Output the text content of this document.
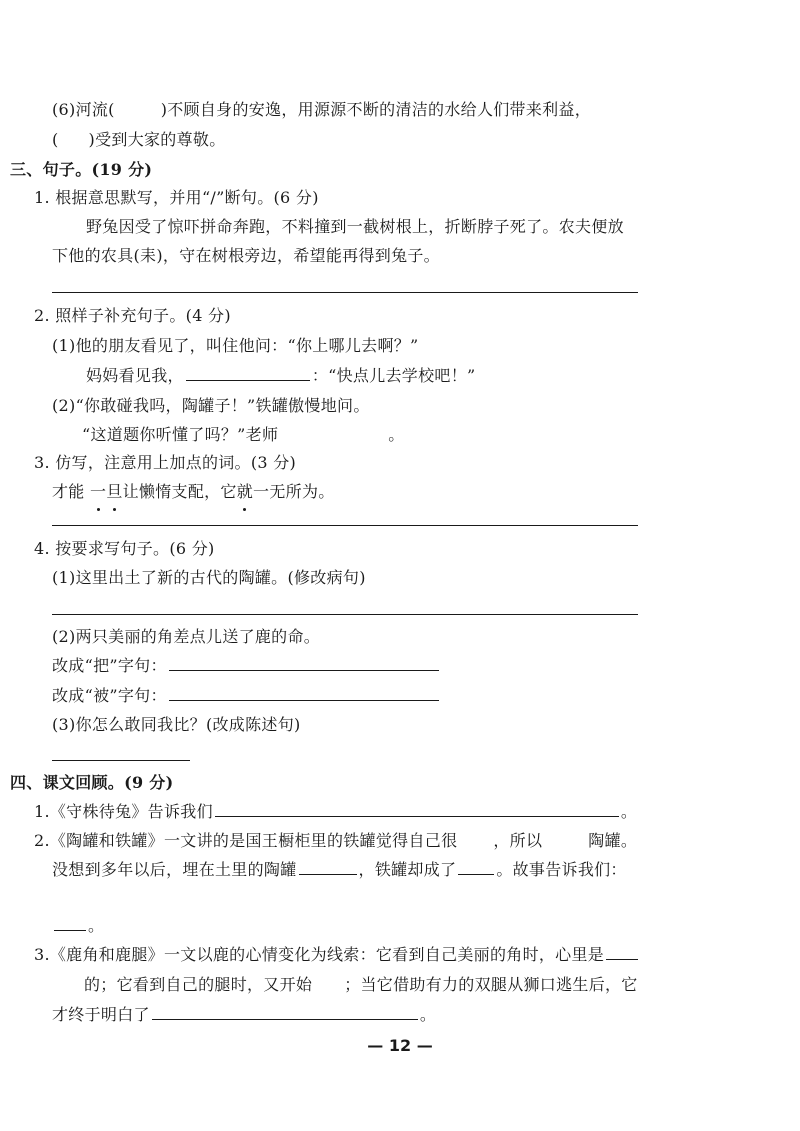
(6)河流(	)不顾自身的安逸，用源源不断的清洁的水给人们带来利益，
( )受到大家的尊敬。
三、句子。(19 分)
1. 根据意思默写，并用“/”断句。(6 分)
野兔因受了惊吓拼命奔跑，不料撞到一截树根上，折断脖子死了。农夫便放
下他的农具(耒)，守在树根旁边，希望能再得到兔子。
2. 照样子补充句子。(4 分)
(1)他的朋友看见了，叫住他问：“你上哪儿去啊？”
妈妈看见我，	：“快点儿去学校吧！”
(2)“你敢碰我吗，陶罐子！”铁罐傲慢地问。
“这道题你听懂了吗？”老师	。
3. 仿写，注意用上加点的词。(3 分)
才能 一旦让懒惰支配，它就一无所为。
4. 按要求写句子。(6 分)
(1)这里出土了新的古代的陶罐。(修改病句)
(2)两只美丽的角差点儿送了鹿的命。
改成“把”字句：
改成“被”字句：
(3)你怎么敢同我比？(改成陈述句)
四、课文回顾。(9 分)
1.《守株待兔》告诉我们	。
2.《陶罐和铁罐》一文讲的是国王橱柜里的铁罐觉得自己很 ，所以	陶罐。
没想到多年以后，埋在土里的陶罐	，铁罐却成了	。故事告诉我们：
。
3.《鹿角和鹿腿》一文以鹿的心情变化为线索：它看到自己美丽的角时，心里是
的；它看到自己的腿时，又开始 ；当它借助有力的双腿从狮口逃生后，它
才终于明白了	。
— 12 —
